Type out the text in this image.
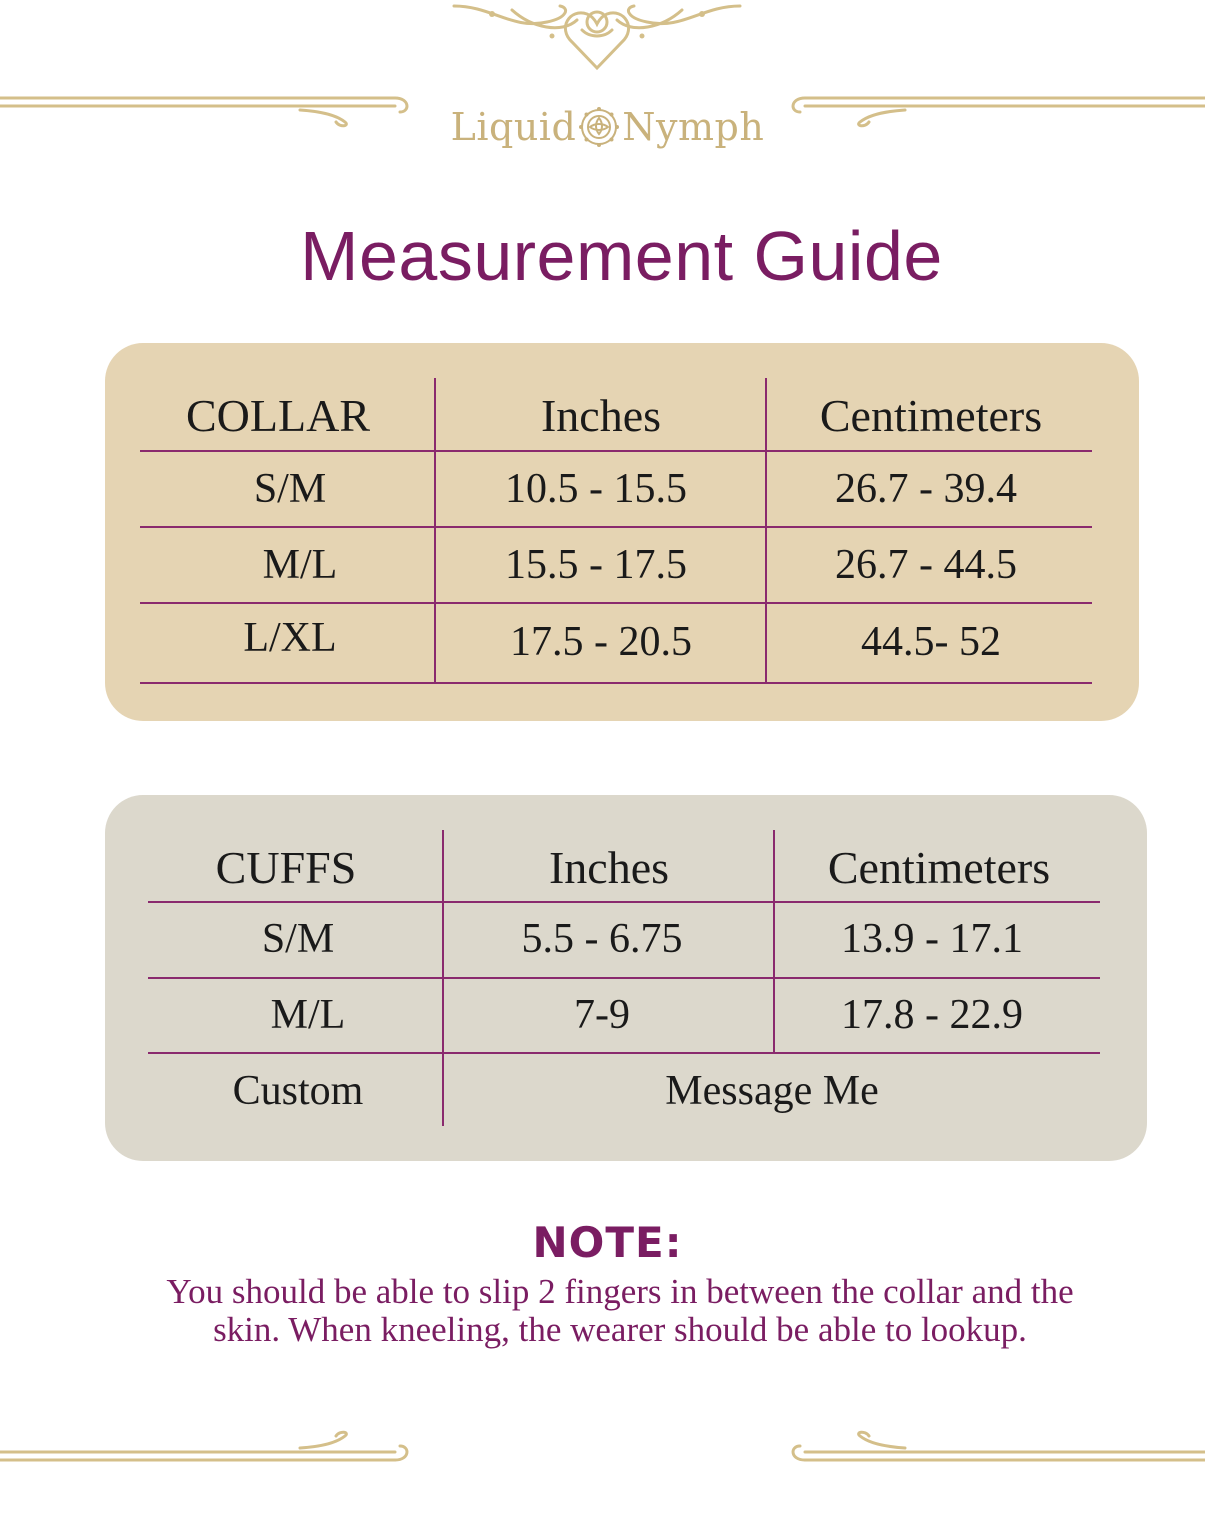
Liquid Nymph
Measurement Guide
COLLAR	Inches	Centimeters
S/M	10.5 - 15.5	26.7 - 39.4
M/L	15.5 - 17.5	26.7 - 44.5
L/XL	17.5 - 20.5	44.5- 52
CUFFS	Inches	Centimeters
S/M	5.5 - 6.75	13.9 - 17.1
M/L	7-9	17.8 - 22.9
Custom	Message Me
NOTE:
You should be able to slip 2 fingers in between the collar and the
skin. When kneeling, the wearer should be able to lookup.
